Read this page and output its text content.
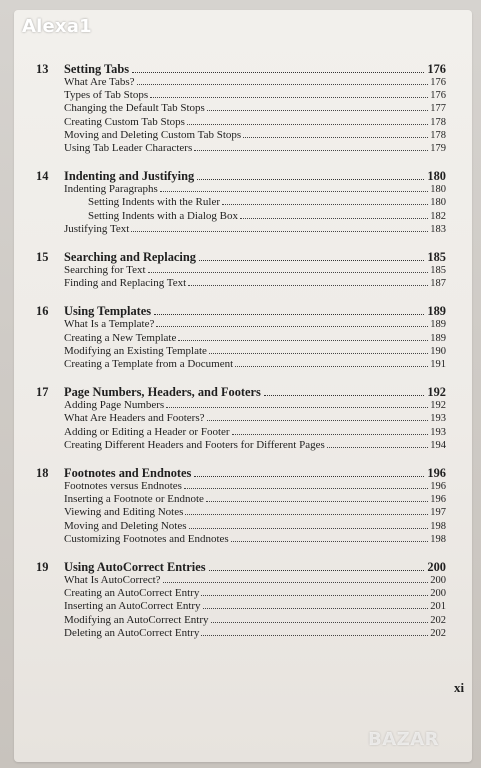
Alexa1
BAZAR
13	Setting Tabs	176
What Are Tabs?	176
Types of Tab Stops	176
Changing the Default Tab Stops	177
Creating Custom Tab Stops	178
Moving and Deleting Custom Tab Stops	178
Using Tab Leader Characters	179
14	Indenting and Justifying	180
Indenting Paragraphs	180
Setting Indents with the Ruler	180
Setting Indents with a Dialog Box	182
Justifying Text	183
15	Searching and Replacing	185
Searching for Text	185
Finding and Replacing Text	187
16	Using Templates	189
What Is a Template?	189
Creating a New Template	189
Modifying an Existing Template	190
Creating a Template from a Document	191
17	Page Numbers, Headers, and Footers	192
Adding Page Numbers	192
What Are Headers and Footers?	193
Adding or Editing a Header or Footer	193
Creating Different Headers and Footers for Different Pages	194
18	Footnotes and Endnotes	196
Footnotes versus Endnotes	196
Inserting a Footnote or Endnote	196
Viewing and Editing Notes	197
Moving and Deleting Notes	198
Customizing Footnotes and Endnotes	198
19	Using AutoCorrect Entries	200
What Is AutoCorrect?	200
Creating an AutoCorrect Entry	200
Inserting an AutoCorrect Entry	201
Modifying an AutoCorrect Entry	202
Deleting an AutoCorrect Entry	202
xi
